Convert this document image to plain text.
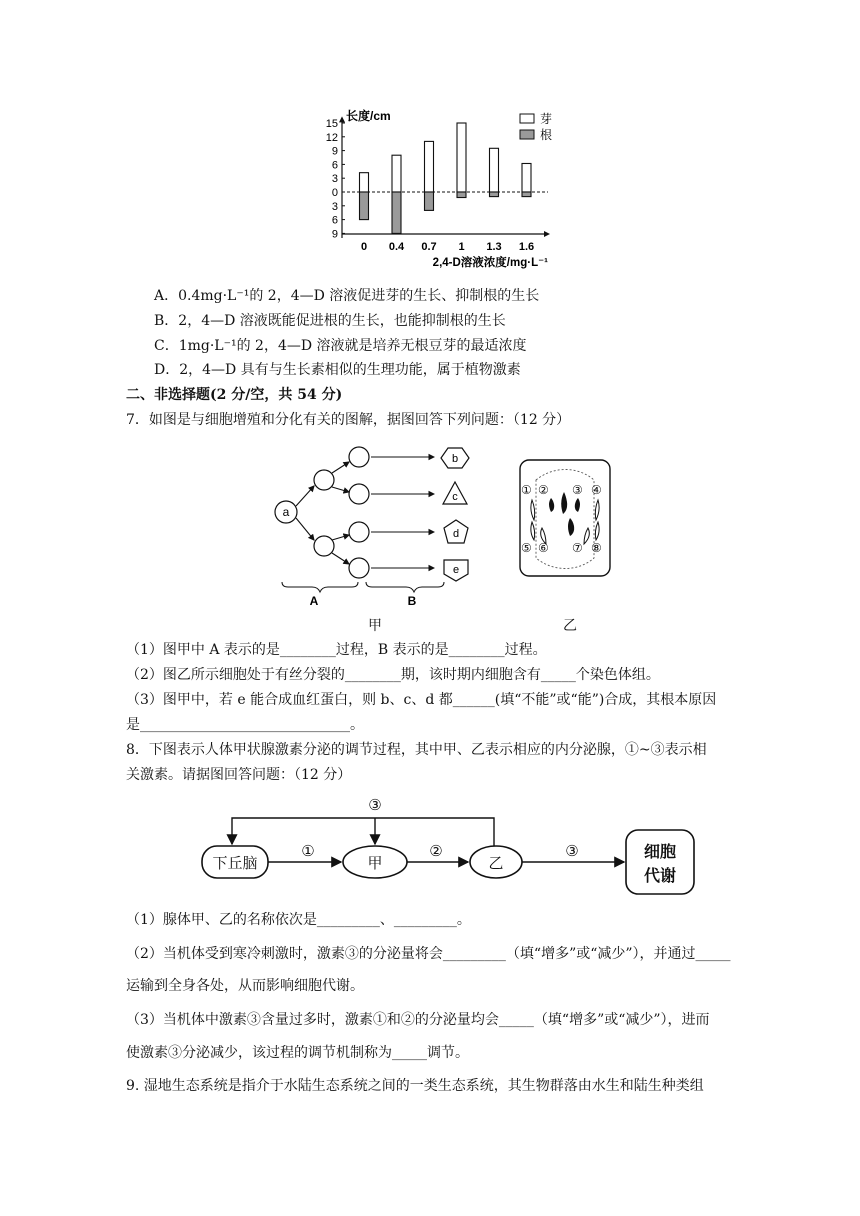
15
12
9
6
3
0
3
6
9
长度/cm
0 0.4 0.7 1 1.3 1.6
2,4-D溶液浓度/mg·L⁻¹
芽
根
A．0.4mg·L⁻¹的 2，4—D 溶液促进芽的生长、抑制根的生长
B．2，4—D 溶液既能促进根的生长，也能抑制根的生长
C．1mg·L⁻¹的 2，4—D 溶液就是培养无根豆芽的最适浓度
D．2，4—D 具有与生长素相似的生理功能，属于植物激素
二、非选择题(2 分/空，共 54 分)
7．如图是与细胞增殖和分化有关的图解，据图回答下列问题：（12 分）
a
b
c
d
e
A	B
① ② ③ ④
⑤ ⑥ ⑦ ⑧
甲	乙
（1）图甲中 A 表示的是________过程，B 表示的是________过程。
（2）图乙所示细胞处于有丝分裂的________期，该时期内细胞含有_____个染色体组。
（3）图甲中，若 e 能合成血红蛋白，则 b、c、d 都______(填“不能”或“能”)合成，其根本原因
是______________________________。
8．下图表示人体甲状腺激素分泌的调节过程，其中甲、乙表示相应的内分泌腺，①~③表示相
关激素。请据图回答问题：（12 分）
下丘脑	甲	乙
细胞
代谢
①	②	③
③
（1）腺体甲、乙的名称依次是_________、_________。
（2）当机体受到寒冷刺激时，激素③的分泌量将会_________（填“增多”或“减少”），并通过_____
运输到全身各处，从而影响细胞代谢。
（3）当机体中激素③含量过多时，激素①和②的分泌量均会_____（填“增多”或“减少”），进而
使激素③分泌减少，该过程的调节机制称为_____调节。
9. 湿地生态系统是指介于水陆生态系统之间的一类生态系统，其生物群落由水生和陆生种类组
